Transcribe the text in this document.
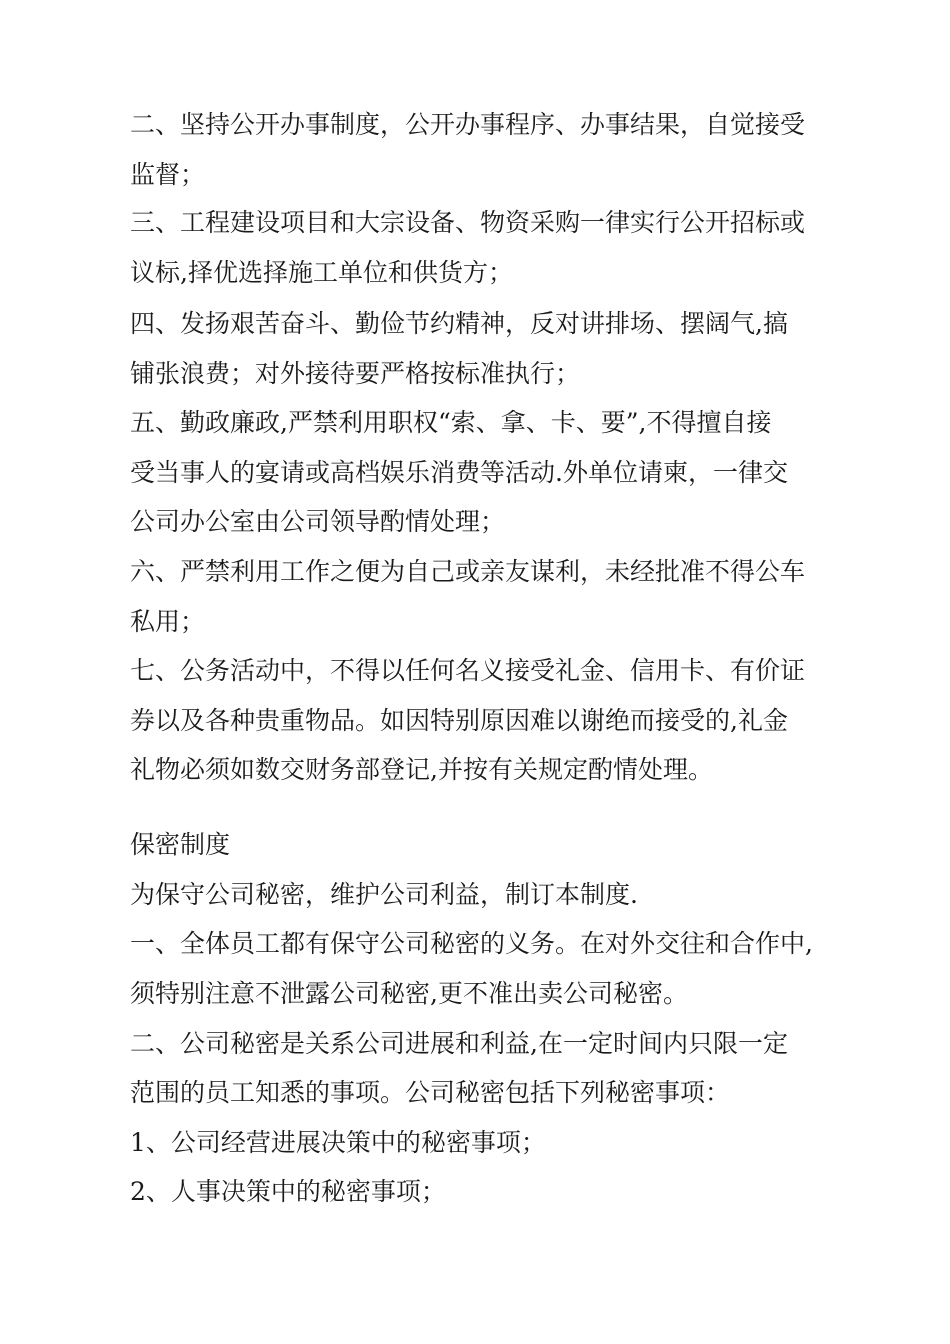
二、坚持公开办事制度，公开办事程序、办事结果，自觉接受

监督；

三、工程建设项目和大宗设备、物资采购一律实行公开招标或

议标,择优选择施工单位和供货方；

四、发扬艰苦奋斗、勤俭节约精神，反对讲排场、摆阔气,搞

铺张浪费；对外接待要严格按标准执行；

五、勤政廉政,严禁利用职权“索、拿、卡、要”,不得擅自接

受当事人的宴请或高档娱乐消费等活动.外单位请柬，一律交

公司办公室由公司领导酌情处理；

六、严禁利用工作之便为自己或亲友谋利，未经批准不得公车

私用；

七、公务活动中，不得以任何名义接受礼金、信用卡、有价证

券以及各种贵重物品。如因特别原因难以谢绝而接受的,礼金

礼物必须如数交财务部登记,并按有关规定酌情处理。

保密制度

为保守公司秘密，维护公司利益，制订本制度.

一、全体员工都有保守公司秘密的义务。在对外交往和合作中,

须特别注意不泄露公司秘密,更不准出卖公司秘密。

二、公司秘密是关系公司进展和利益,在一定时间内只限一定

范围的员工知悉的事项。公司秘密包括下列秘密事项：

1、公司经营进展决策中的秘密事项；

2、人事决策中的秘密事项；
